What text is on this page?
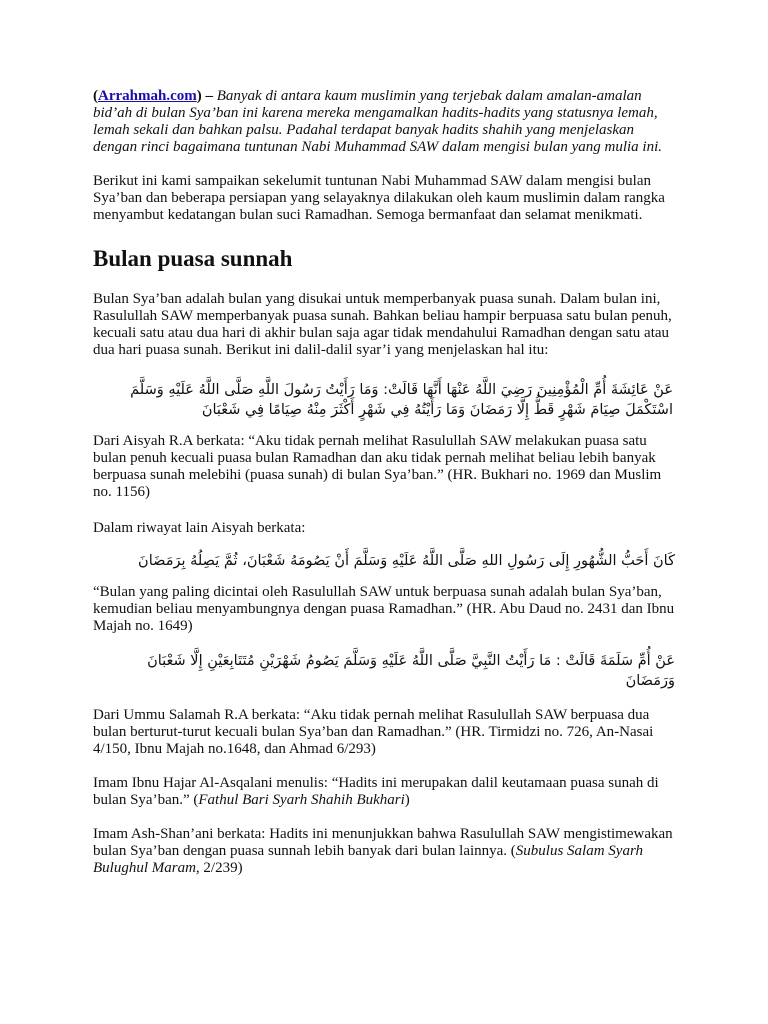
(Arrahmah.com) – Banyak di antara kaum muslimin yang terjebak dalam amalan-amalan bid’ah di bulan Sya’ban ini karena mereka mengamalkan hadits-hadits yang statusnya lemah, lemah sekali dan bahkan palsu. Padahal terdapat banyak hadits shahih yang menjelaskan dengan rinci bagaimana tuntunan Nabi Muhammad SAW dalam mengisi bulan yang mulia ini.

Berikut ini kami sampaikan sekelumit tuntunan Nabi Muhammad SAW dalam mengisi bulan Sya’ban dan beberapa persiapan yang selayaknya dilakukan oleh kaum muslimin dalam rangka menyambut kedatangan bulan suci Ramadhan. Semoga bermanfaat dan selamat menikmati.

Bulan puasa sunnah

Bulan Sya’ban adalah bulan yang disukai untuk memperbanyak puasa sunah. Dalam bulan ini, Rasulullah SAW memperbanyak puasa sunah. Bahkan beliau hampir berpuasa satu bulan penuh, kecuali satu atau dua hari di akhir bulan saja agar tidak mendahului Ramadhan dengan satu atau dua hari puasa sunah. Berikut ini dalil-dalil syar’i yang menjelaskan hal itu:

عَنْ عَائِشَةَ أُمِّ الْمُؤْمِنِينَ رَضِيَ اللَّهُ عَنْهَا أَنَّهَا قَالَتْ: وَمَا رَأَيْتُ رَسُولَ اللَّهِ صَلَّى اللَّهُ عَلَيْهِ وَسَلَّمَ اسْتَكْمَلَ صِيَامَ شَهْرٍ قَطُّ إِلَّا رَمَضَانَ وَمَا رَأَيْتُهُ فِي شَهْرٍ أَكْثَرَ مِنْهُ صِيَامًا فِي شَعْبَانَ

Dari Aisyah R.A berkata: “Aku tidak pernah melihat Rasulullah SAW melakukan puasa satu bulan penuh kecuali puasa bulan Ramadhan dan aku tidak pernah melihat beliau lebih banyak berpuasa sunah melebihi (puasa sunah) di bulan Sya’ban.” (HR. Bukhari no. 1969 dan Muslim no. 1156)

Dalam riwayat lain Aisyah berkata:

كَانَ أَحَبُّ الشُّهُورِ إِلَى رَسُولِ اللهِ صَلَّى اللَّهُ عَلَيْهِ وَسَلَّمَ أَنْ يَصُومَهُ شَعْبَانَ، ثُمَّ يَصِلُهُ بِرَمَضَانَ

“Bulan yang paling dicintai oleh Rasulullah SAW untuk berpuasa sunah adalah bulan Sya’ban, kemudian beliau menyambungnya dengan puasa Ramadhan.” (HR. Abu Daud no. 2431 dan Ibnu Majah no. 1649)

عَنْ أُمِّ سَلَمَةَ قَالَتْ : مَا رَأَيْتُ النَّبِيَّ صَلَّى اللَّهُ عَلَيْهِ وَسَلَّمَ يَصُومُ شَهْرَيْنِ مُتَتَابِعَيْنِ إِلَّا شَعْبَانَ وَرَمَضَانَ

Dari Ummu Salamah R.A berkata: “Aku tidak pernah melihat Rasulullah SAW berpuasa dua bulan berturut-turut kecuali bulan Sya’ban dan Ramadhan.” (HR. Tirmidzi no. 726, An-Nasai 4/150, Ibnu Majah no.1648, dan Ahmad 6/293)

Imam Ibnu Hajar Al-Asqalani menulis: “Hadits ini merupakan dalil keutamaan puasa sunah di bulan Sya’ban.” (Fathul Bari Syarh Shahih Bukhari)

Imam Ash-Shan’ani berkata: Hadits ini menunjukkan bahwa Rasulullah SAW mengistimewakan bulan Sya’ban dengan puasa sunnah lebih banyak dari bulan lainnya. (Subulus Salam Syarh Bulughul Maram, 2/239)
